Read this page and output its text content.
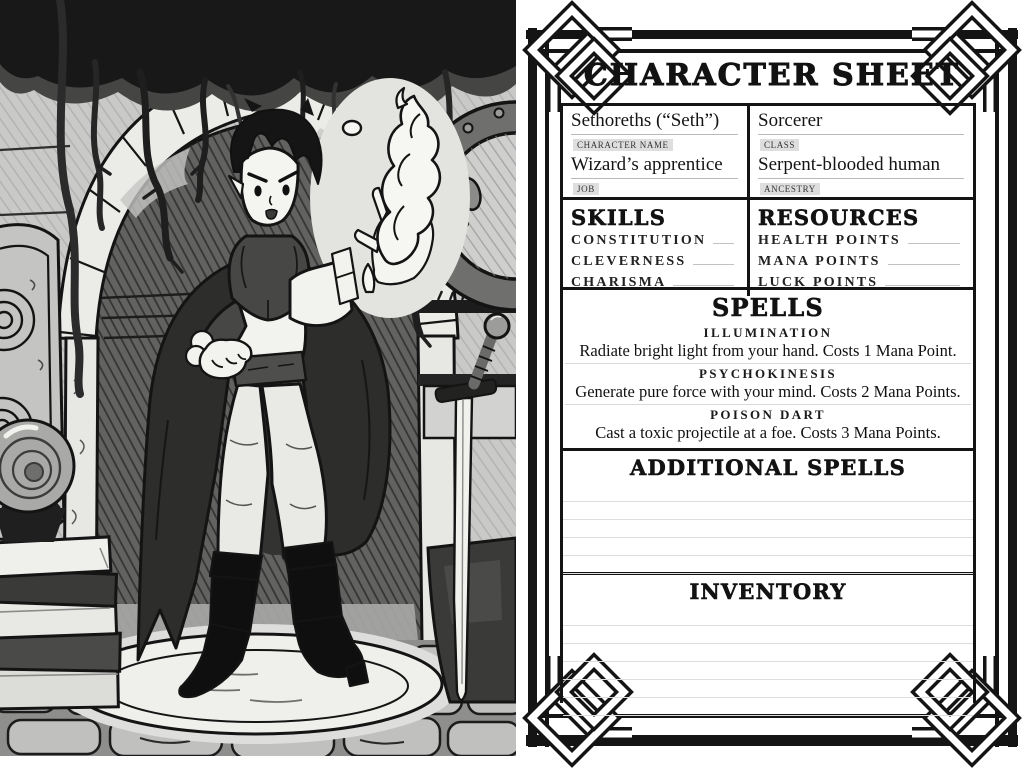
CHARACTER SHEET
Sethoreths (“Seth”)
CHARACTER NAME
Wizard’s apprentice
JOB
Sorcerer
CLASS
Serpent-blooded human
ANCESTRY
SKILLS
CONSTITUTION
CLEVERNESS
CHARISMA
RESOURCES
HEALTH POINTS
MANA POINTS
LUCK POINTS
SPELLS
ILLUMINATION
Radiate bright light from your hand. Costs 1 Mana Point.
PSYCHOKINESIS
Generate pure force with your mind. Costs 2 Mana Points.
POISON DART
Cast a toxic projectile at a foe. Costs 3 Mana Points.
ADDITIONAL SPELLS
INVENTORY
